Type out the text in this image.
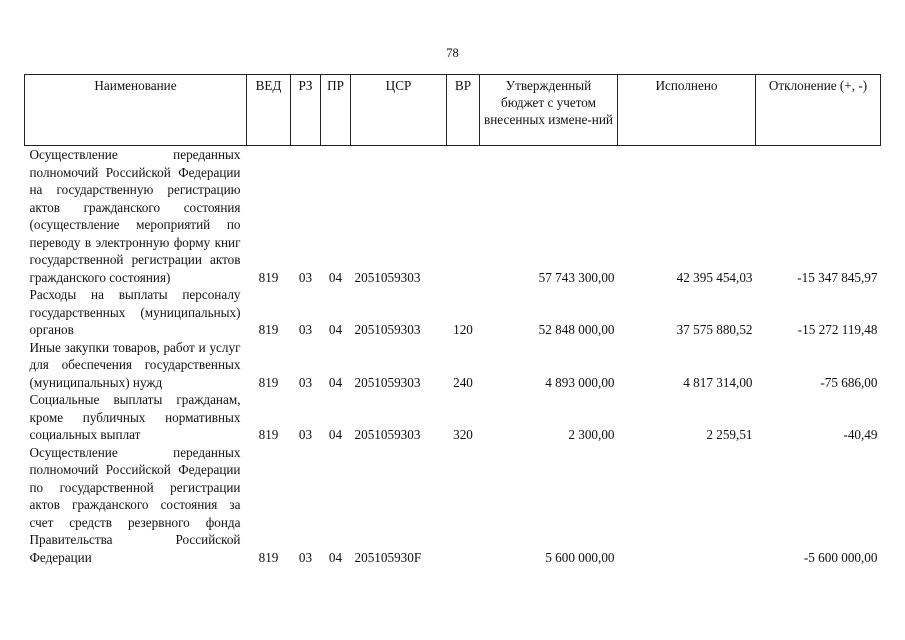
78
Наименование	ВЕД	РЗ	ПР	ЦСР	ВР	Утвержденный бюджет с учетом внесенных измене-ний	Исполнено	Отклонение (+, -)
Осуществление переданных полномочий Российской Федерации на государственную регистрацию актов гражданского состояния (осуществление мероприятий по переводу в электронную форму книг государственной регистрации актов гражданского состояния)	819	03	04	2051059303		57 743 300,00	42 395 454,03	-15 347 845,97
Расходы на выплаты персоналу государственных (муниципальных) органов	819	03	04	2051059303	120	52 848 000,00	37 575 880,52	-15 272 119,48
Иные закупки товаров, работ и услуг для обеспечения государственных (муниципальных) нужд	819	03	04	2051059303	240	4 893 000,00	4 817 314,00	-75 686,00
Социальные выплаты гражданам, кроме публичных нормативных социальных выплат	819	03	04	2051059303	320	2 300,00	2 259,51	-40,49
Осуществление переданных полномочий Российской Федерации по государственной регистрации актов гражданского состояния за счет средств резервного фонда Правительства Российской Федерации	819	03	04	205105930F		5 600 000,00		-5 600 000,00
